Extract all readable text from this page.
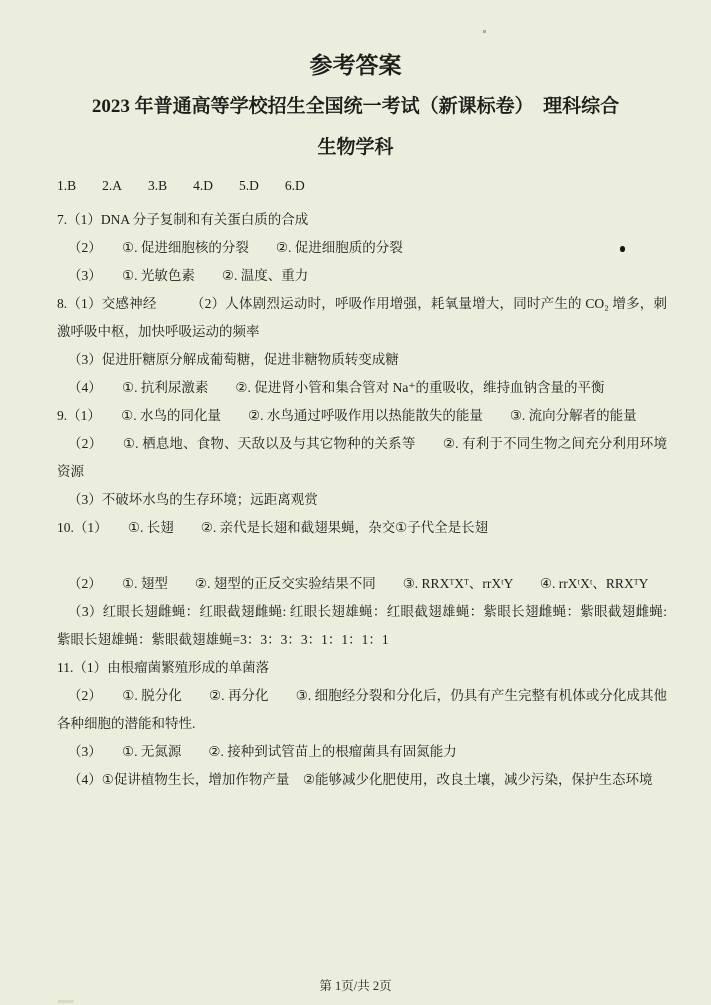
参考答案
2023 年普通高等学校招生全国统一考试（新课标卷）　理科综合
生物学科
1.B 2.A 3.B 4.D 5.D 6.D

7.（1）DNA 分子复制和有关蛋白质的合成

（2）　　①. 促进细胞核的分裂　　②. 促进细胞质的分裂

（3）　　①. 光敏色素　　②. 温度、重力

8.（1）交感神经　　　（2）人体剧烈运动时，呼吸作用增强，耗氧量增大，同时产生的 CO₂ 增多，刺激呼吸中枢，加快呼吸运动的频率

（3）促进肝糖原分解成葡萄糖，促进非糖物质转变成糖

（4）　　①. 抗利尿激素　　②. 促进肾小管和集合管对 Na⁺的重吸收，维持血钠含量的平衡

9.（1）　　①. 水鸟的同化量　　②. 水鸟通过呼吸作用以热能散失的能量　　③. 流向分解者的能量

（2）　　①. 栖息地、食物、天敌以及与其它物种的关系等　　②. 有利于不同生物之间充分利用环境资源

（3）不破坏水鸟的生存环境；远距离观赏

10.（1）　　①. 长翅　　②. 亲代是长翅和截翅果蝇，杂交①子代全是长翅

（2）　　①. 翅型　　②. 翅型的正反交实验结果不同　　③. RRXᵀXᵀ、rrXᵗY　　④. rrXᵗXᵗ、RRXᵀY

（3）红眼长翅雌蝇：红眼截翅雌蝇: 红眼长翅雄蝇：红眼截翅雄蝇：紫眼长翅雌蝇：紫眼截翅雌蝇: 紫眼长翅雄蝇：紫眼截翅雄蝇=3：3：3：3：1：1：1：1

11.（1）由根瘤菌繁殖形成的单菌落

（2）　　①. 脱分化　　②. 再分化　　③. 细胞经分裂和分化后，仍具有产生完整有机体或分化成其他各种细胞的潜能和特性.

（3）　　①. 无氮源　　②. 接种到试管苗上的根瘤菌具有固氮能力

（4）①促讲植物生长，增加作物产量　②能够减少化肥使用，改良土壤，减少污染，保护生态环境

第 1页/共 2页
